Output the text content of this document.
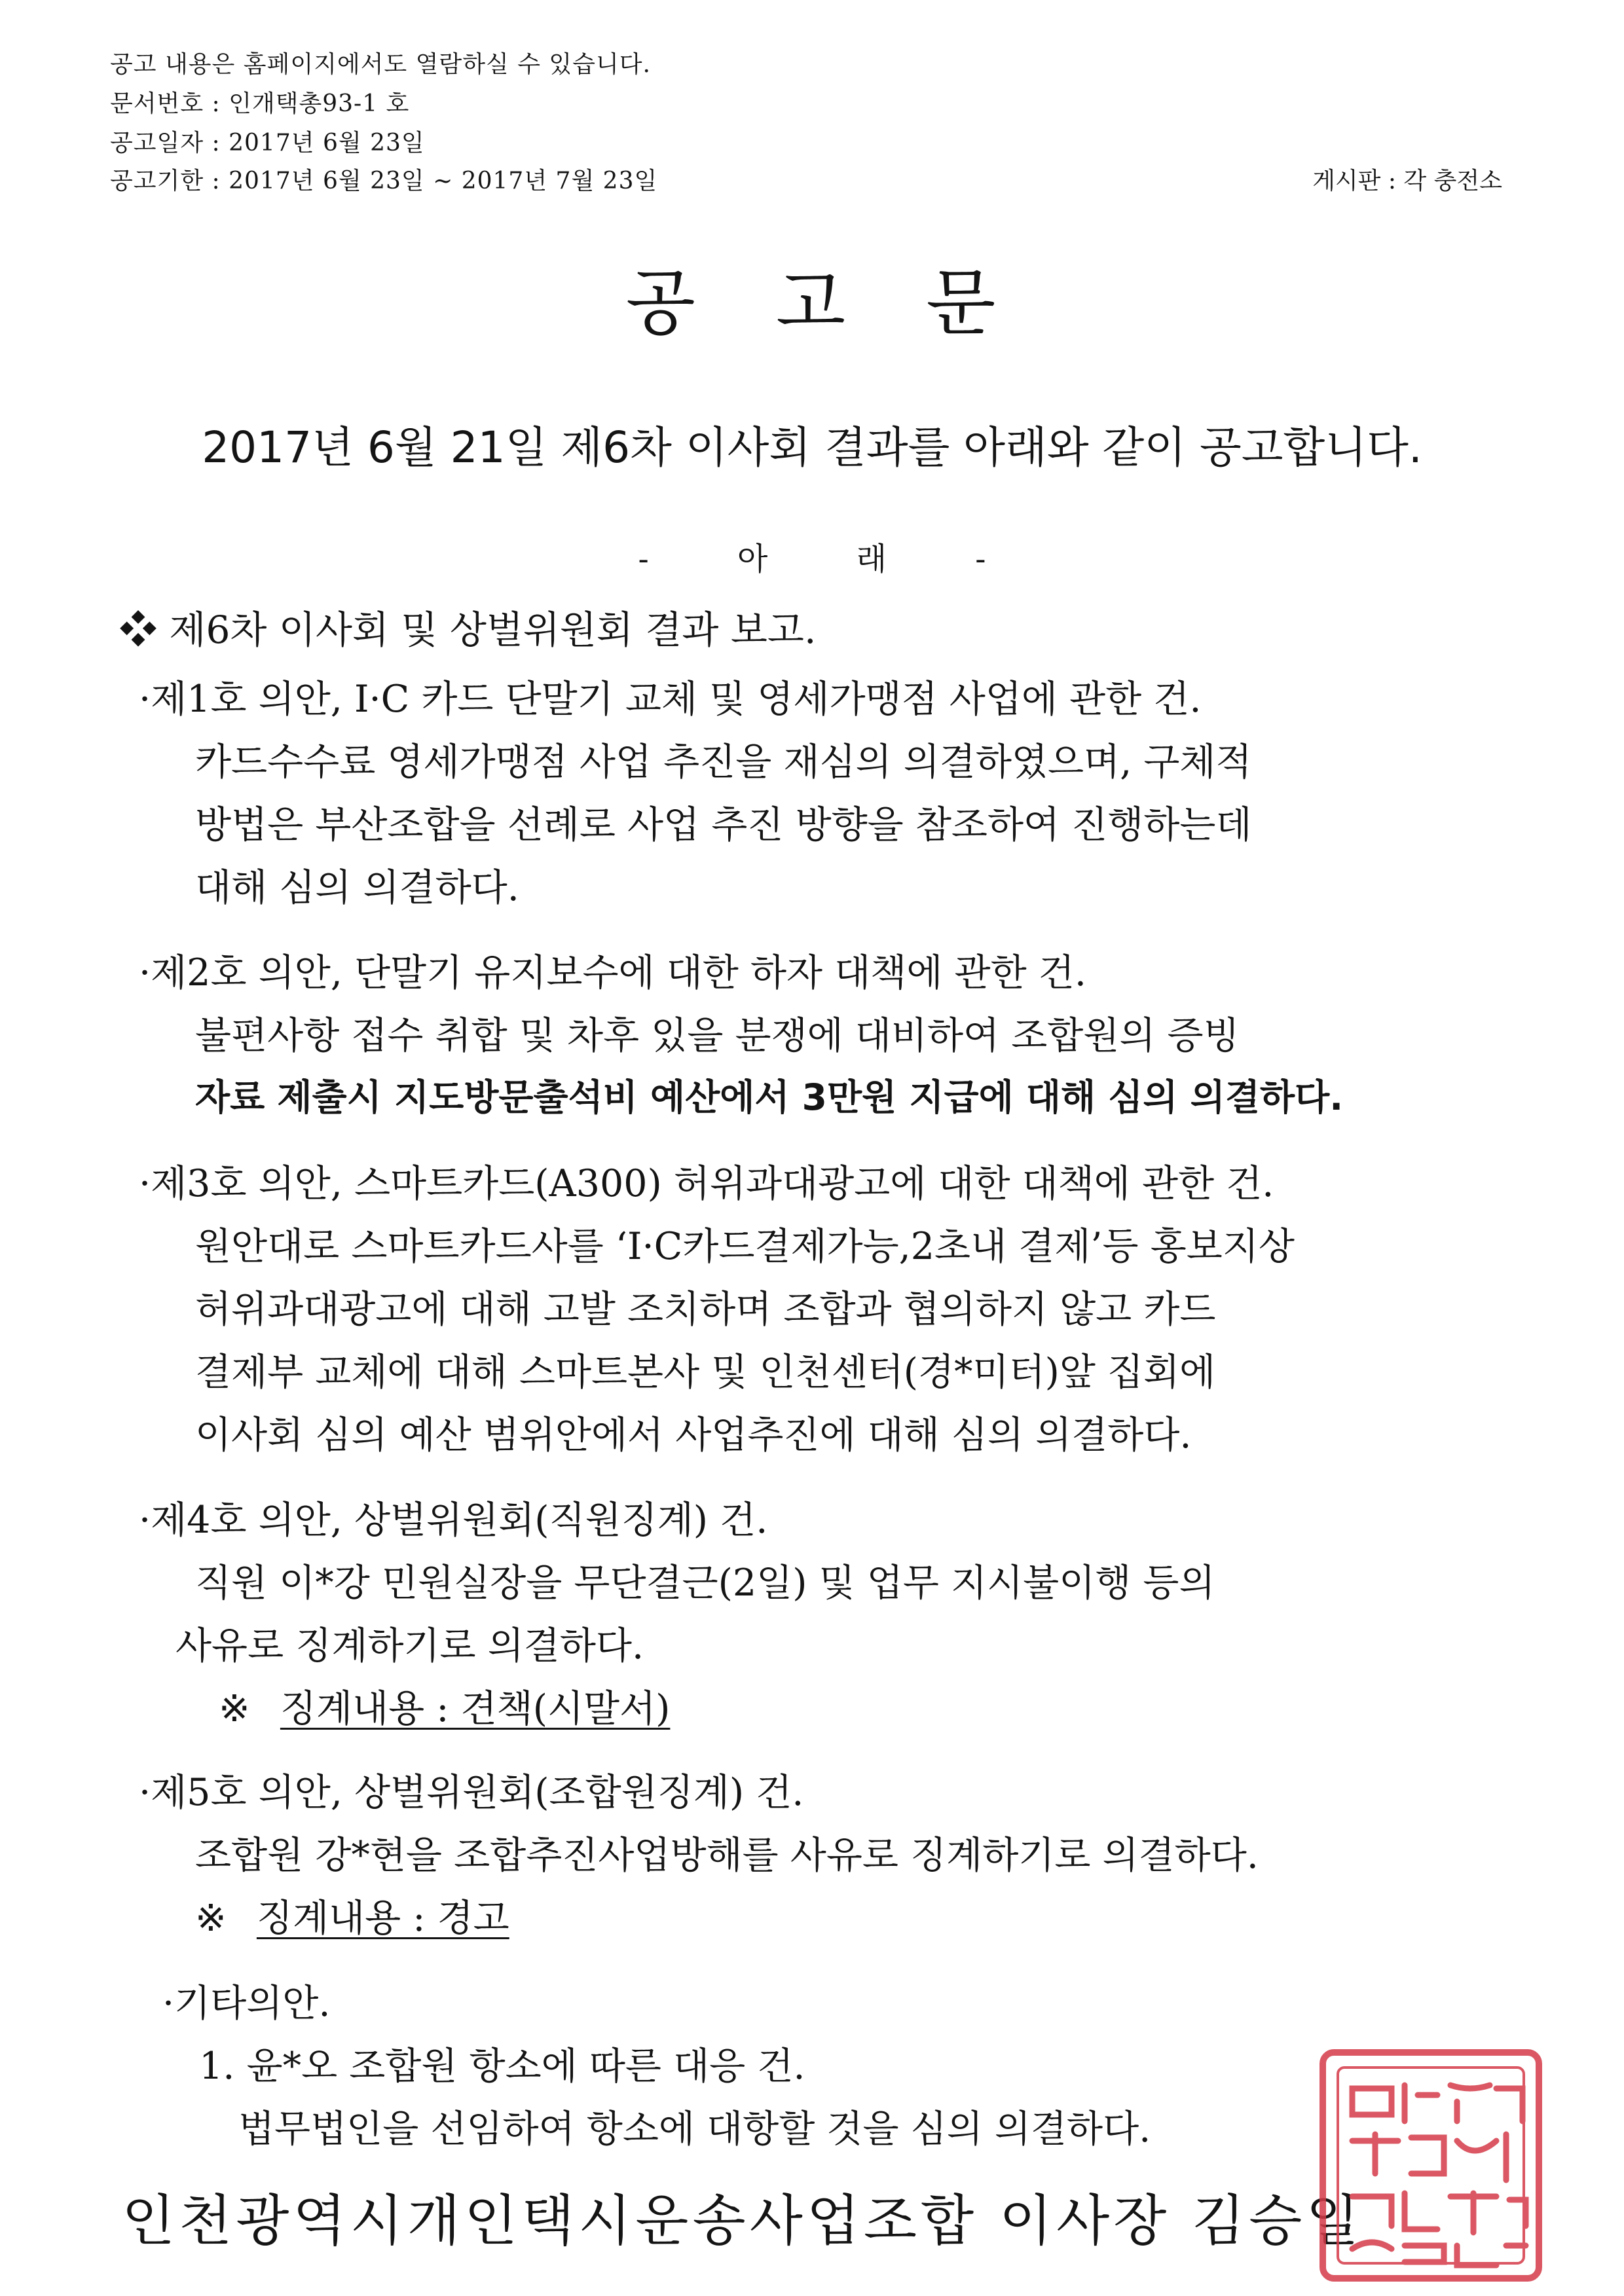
공고 내용은 홈페이지에서도 열람하실 수 있습니다.
문서번호 : 인개택총93-1 호
공고일자 : 2017년 6월 23일
공고기한 : 2017년 6월 23일 ~ 2017년 7월 23일	게시판 : 각 충전소
공 고 문
2017년 6월 21일 제6차 이사회 결과를 아래와 같이 공고합니다.
- 아 래 -
❖ 제6차 이사회 및 상벌위원회 결과 보고.
·제1호 의안, I·C 카드 단말기 교체 및 영세가맹점 사업에 관한 건.
카드수수료 영세가맹점 사업 추진을 재심의 의결하였으며, 구체적
방법은 부산조합을 선례로 사업 추진 방향을 참조하여 진행하는데
대해 심의 의결하다.
·제2호 의안, 단말기 유지보수에 대한 하자 대책에 관한 건.
불편사항 접수 취합 및 차후 있을 분쟁에 대비하여 조합원의 증빙
자료 제출시 지도방문출석비 예산에서 3만원 지급에 대해 심의 의결하다.
·제3호 의안, 스마트카드(A300) 허위과대광고에 대한 대책에 관한 건.
원안대로 스마트카드사를 ‘I·C카드결제가능,2초내 결제’등 홍보지상
허위과대광고에 대해 고발 조치하며 조합과 협의하지 않고 카드
결제부 교체에 대해 스마트본사 및 인천센터(경*미터)앞 집회에
이사회 심의 예산 범위안에서 사업추진에 대해 심의 의결하다.
·제4호 의안, 상벌위원회(직원징계) 건.
직원 이*강 민원실장을 무단결근(2일) 및 업무 지시불이행 등의
사유로 징계하기로 의결하다.
※ 징계내용 : 견책(시말서)
·제5호 의안, 상벌위원회(조합원징계) 건.
조합원 강*현을 조합추진사업방해를 사유로 징계하기로 의결하다.
※ 징계내용 : 경고
·기타의안.
1. 윤*오 조합원 항소에 따른 대응 건.
법무법인을 선임하여 항소에 대항할 것을 심의 의결하다.
인천광역시개인택시운송사업조합 이사장 김승일
